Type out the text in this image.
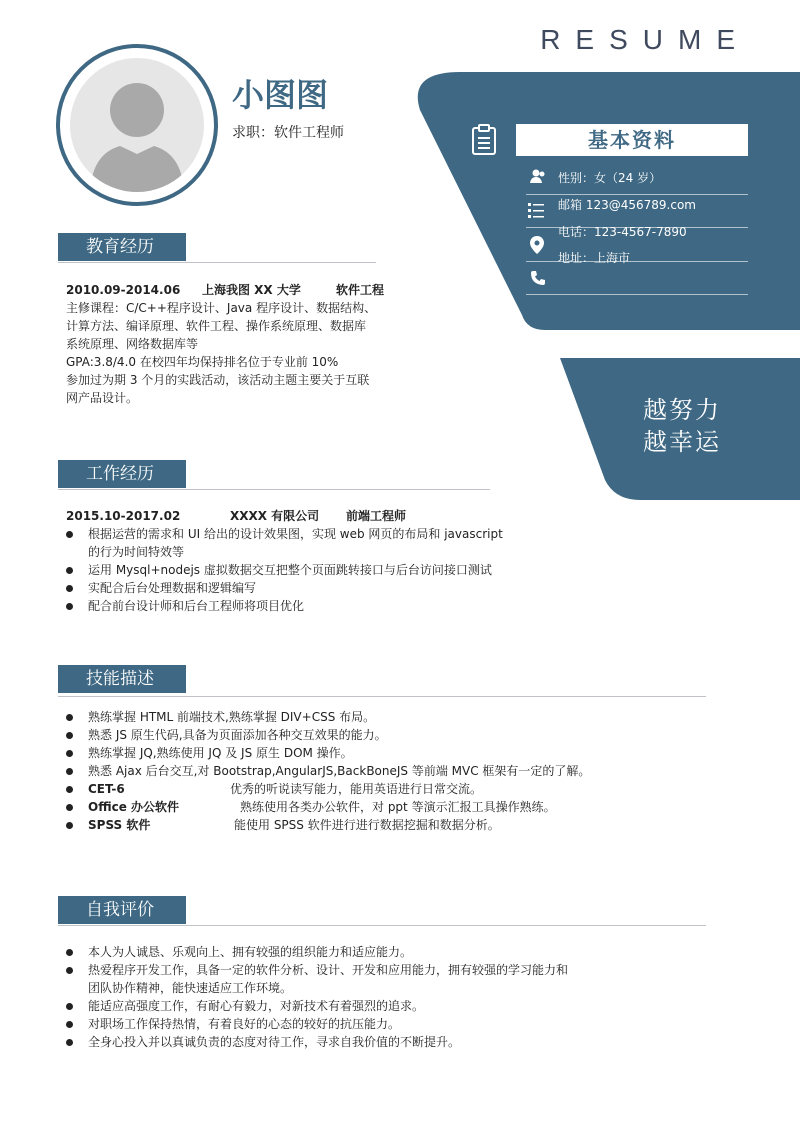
RESUME
小图图
求职：软件工程师	基本资料
性别：女（24 岁）
邮箱 123@456789.com
电话：123-4567-7890
地址：上海市
越努力
越幸运
教育经历
2010.09-2014.06 上海我图 XX 大学	软件工程
主修课程：C/C++程序设计、Java 程序设计、数据结构、
计算方法、编译原理、软件工程、操作系统原理、数据库
系统原理、网络数据库等
GPA:3.8/4.0 在校四年均保持排名位于专业前 10%
参加过为期 3 个月的实践活动，该活动主题主要关于互联
网产品设计。
工作经历
2015.10-2017.02	XXXX 有限公司 前端工程师
根据运营的需求和 UI 给出的设计效果图，实现 web 网页的布局和 javascript
的行为时间特效等
运用 Mysql+nodejs 虚拟数据交互把整个页面跳转接口与后台访问接口测试
实配合后台处理数据和逻辑编写
配合前台设计师和后台工程师将项目优化
技能描述
熟练掌握 HTML 前端技术,熟练掌握 DIV+CSS 布局。
熟悉 JS 原生代码,具备为页面添加各种交互效果的能力。
熟练掌握 JQ,熟练使用 JQ 及 JS 原生 DOM 操作。
熟悉 Ajax 后台交互,对 Bootstrap,AngularJS,BackBoneJS 等前端 MVC 框架有一定的了解。
CET-6	优秀的听说读写能力，能用英语进行日常交流。
Office 办公软件	熟练使用各类办公软件，对 ppt 等演示汇报工具操作熟练。
SPSS 软件	能使用 SPSS 软件进行进行数据挖掘和数据分析。
自我评价
本人为人诚恳、乐观向上、拥有较强的组织能力和适应能力。
热爱程序开发工作，具备一定的软件分析、设计、开发和应用能力，拥有较强的学习能力和
团队协作精神，能快速适应工作环境。
能适应高强度工作，有耐心有毅力，对新技术有着强烈的追求。
对职场工作保持热情，有着良好的心态的较好的抗压能力。
全身心投入并以真诚负责的态度对待工作，寻求自我价值的不断提升。
